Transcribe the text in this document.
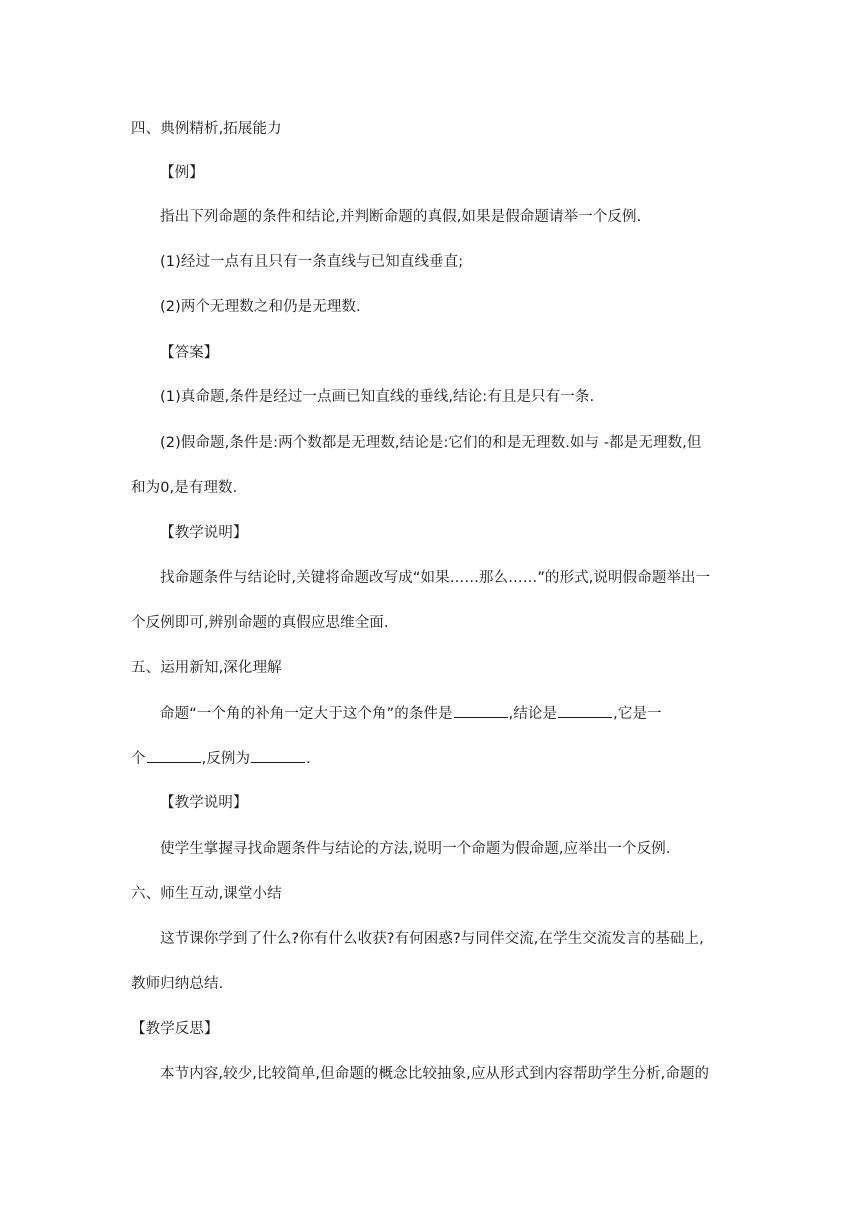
四、典例精析,拓展能力
【例】
指出下列命题的条件和结论,并判断命题的真假,如果是假命题请举一个反例.
(1)经过一点有且只有一条直线与已知直线垂直;
(2)两个无理数之和仍是无理数.
【答案】
(1)真命题,条件是经过一点画已知直线的垂线,结论:有且是只有一条.
(2)假命题,条件是:两个数都是无理数,结论是:它们的和是无理数.如与 -都是无理数,但
和为0,是有理数.
【教学说明】
找命题条件与结论时,关键将命题改写成“如果……那么……”的形式,说明假命题举出一
个反例即可,辨别命题的真假应思维全面.
五、运用新知,深化理解
命题“一个角的补角一定大于这个角”的条件是	,结论是	,它是一
个	,反例为	.
【教学说明】
使学生掌握寻找命题条件与结论的方法,说明一个命题为假命题,应举出一个反例.
六、师生互动,课堂小结
这节课你学到了什么?你有什么收获?有何困惑?与同伴交流,在学生交流发言的基础上,
教师归纳总结.
【教学反思】
本节内容,较少,比较简单,但命题的概念比较抽象,应从形式到内容帮助学生分析,命题的
